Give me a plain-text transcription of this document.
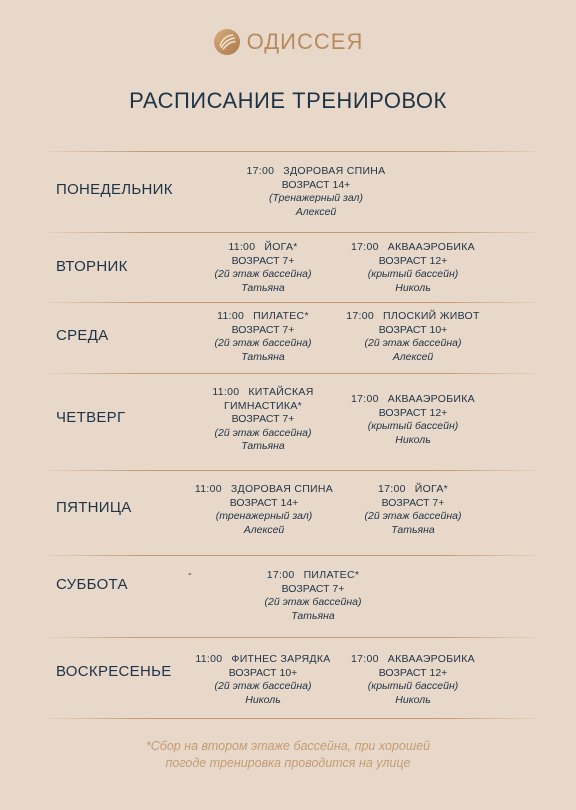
ОДИССЕЯ
РАСПИСАНИЕ ТРЕНИРОВОК
ПОНЕДЕЛЬНИК
17:00 ЗДОРОВАЯ СПИНА
ВОЗРАСТ 14+
(Тренажерный зал)
Алексей
ВТОРНИК
11:00 ЙОГА*
ВОЗРАСТ 7+
(2й этаж бассейна)
Татьяна
17:00 АКВААЭРОБИКА
ВОЗРАСТ 12+
(крытый бассейн)
Николь
СРЕДА
11:00 ПИЛАТЕС*
ВОЗРАСТ 7+
(2й этаж бассейна)
Татьяна
17:00 ПЛОСКИЙ ЖИВОТ
ВОЗРАСТ 10+
(2й этаж бассейна)
Алексей
ЧЕТВЕРГ
11:00 КИТАЙСКАЯ
ГИМНАСТИКА*
ВОЗРАСТ 7+
(2й этаж бассейна)
Татьяна
17:00 АКВААЭРОБИКА
ВОЗРАСТ 12+
(крытый бассейн)
Николь
ПЯТНИЦА
11:00 ЗДОРОВАЯ СПИНА
ВОЗРАСТ 14+
(тренажерный зал)
Алексей
17:00 ЙОГА*
ВОЗРАСТ 7+
(2й этаж бассейна)
Татьяна
СУББОТА
-	17:00 ПИЛАТЕС*
ВОЗРАСТ 7+
(2й этаж бассейна)
Татьяна
ВОСКРЕСЕНЬЕ
11:00 ФИТНЕС ЗАРЯДКА
ВОЗРАСТ 10+
(2й этаж бассейна)
Николь
17:00 АКВААЭРОБИКА
ВОЗРАСТ 12+
(крытый бассейн)
Николь
*Сбор на втором этаже бассейна, при хорошей
погоде тренировка проводится на улице
